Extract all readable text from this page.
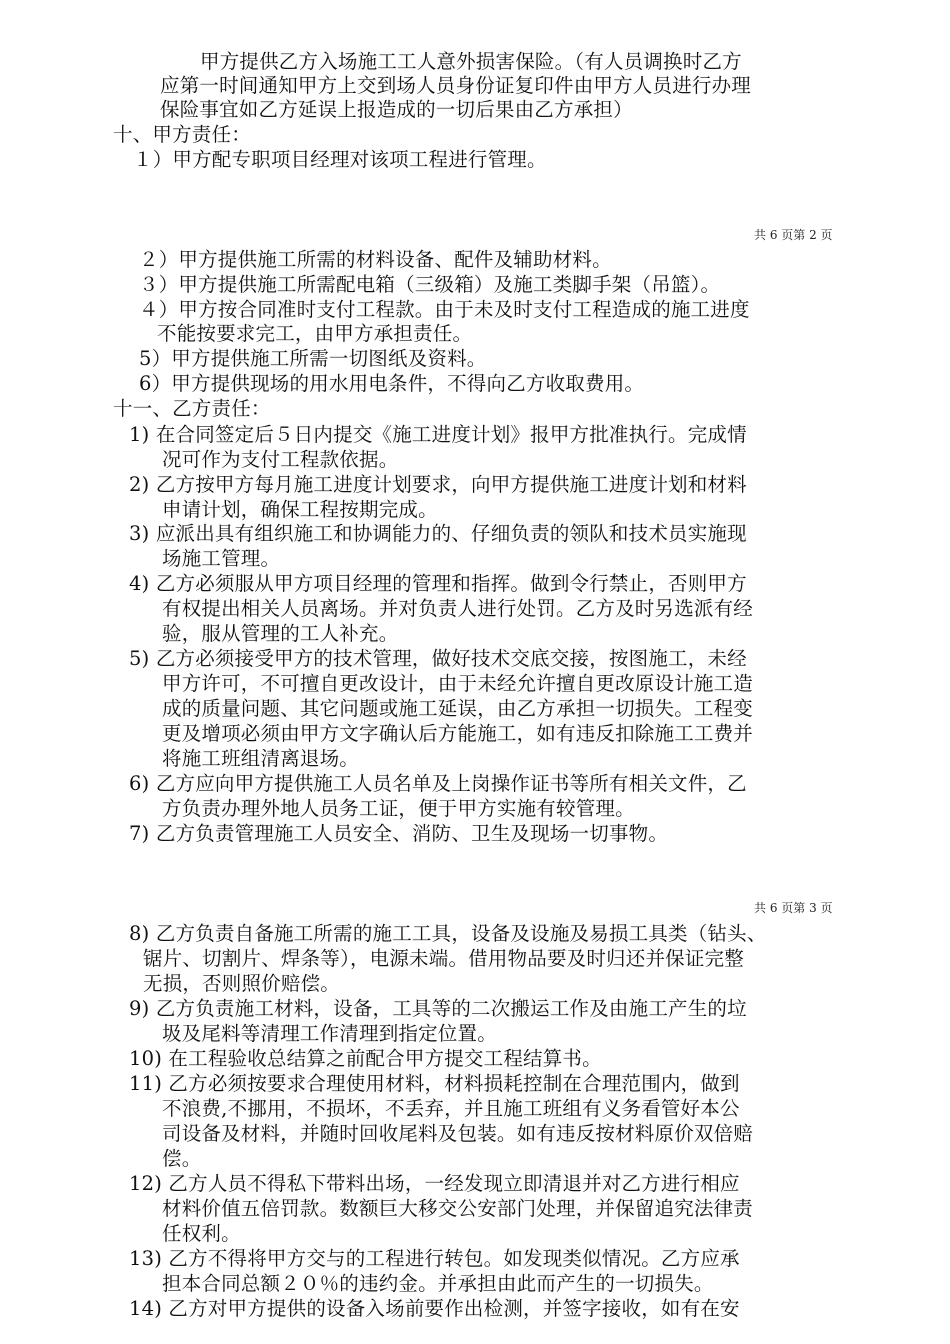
甲方提供乙方入场施工工人意外损害保险。（有人员调换时乙方
应第一时间通知甲方上交到场人员身份证复印件由甲方人员进行办理
保险事宜如乙方延误上报造成的一切后果由乙方承担）
十、甲方责任：
１）甲方配专职项目经理对该项工程进行管理。
共 6 页第 2 页
２）甲方提供施工所需的材料设备、配件及辅助材料。
３）甲方提供施工所需配电箱（三级箱）及施工类脚手架（吊篮）。
４）甲方按合同准时支付工程款。由于未及时支付工程造成的施工进度
不能按要求完工，由甲方承担责任。
5）甲方提供施工所需一切图纸及资料。
6）甲方提供现场的用水用电条件，不得向乙方收取费用。
十一、乙方责任：
1) 在合同签定后５日内提交《施工进度计划》报甲方批准执行。完成情
况可作为支付工程款依据。
2) 乙方按甲方每月施工进度计划要求，向甲方提供施工进度计划和材料
申请计划，确保工程按期完成。
3) 应派出具有组织施工和协调能力的、仔细负责的领队和技术员实施现
场施工管理。
4) 乙方必须服从甲方项目经理的管理和指挥。做到令行禁止，否则甲方
有权提出相关人员离场。并对负责人进行处罚。乙方及时另选派有经
验，服从管理的工人补充。
5) 乙方必须接受甲方的技术管理，做好技术交底交接，按图施工，未经
甲方许可，不可擅自更改设计，由于未经允许擅自更改原设计施工造
成的质量问题、其它问题或施工延误，由乙方承担一切损失。工程变
更及增项必须由甲方文字确认后方能施工，如有违反扣除施工工费并
将施工班组清离退场。
6) 乙方应向甲方提供施工人员名单及上岗操作证书等所有相关文件，乙
方负责办理外地人员务工证，便于甲方实施有较管理。
7) 乙方负责管理施工人员安全、消防、卫生及现场一切事物。
共 6 页第 3 页
8) 乙方负责自备施工所需的施工工具，设备及设施及易损工具类（钻头、
锯片、切割片、焊条等），电源未端。借用物品要及时归还并保证完整
无损，否则照价赔偿。
9) 乙方负责施工材料，设备，工具等的二次搬运工作及由施工产生的垃
圾及尾料等清理工作清理到指定位置。
10) 在工程验收总结算之前配合甲方提交工程结算书。
11) 乙方必须按要求合理使用材料，材料损耗控制在合理范围内，做到
不浪费,不挪用，不损坏，不丢弃，并且施工班组有义务看管好本公
司设备及材料，并随时回收尾料及包装。如有违反按材料原价双倍赔
偿。
12) 乙方人员不得私下带料出场，一经发现立即清退并对乙方进行相应
材料价值五倍罚款。数额巨大移交公安部门处理，并保留追究法律责
任权利。
13) 乙方不得将甲方交与的工程进行转包。如发现类似情况。乙方应承
担本合同总额２０％的违约金。并承担由此而产生的一切损失。
14) 乙方对甲方提供的设备入场前要作出检测，并签字接收，如有在安
